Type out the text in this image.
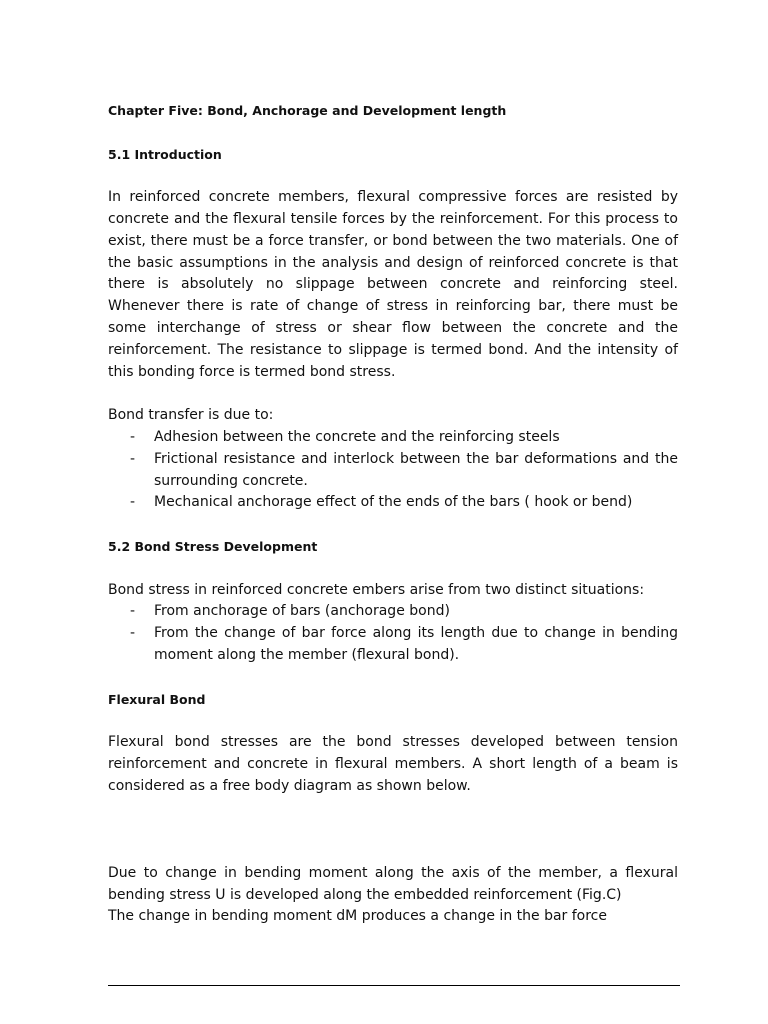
Chapter Five: Bond, Anchorage and Development length

5.1 Introduction

In reinforced concrete members, flexural compressive forces are resisted by concrete and the flexural tensile forces by the reinforcement. For this process to exist, there must be a force transfer, or bond between the two materials. One of the basic assumptions in the analysis and design of reinforced concrete is that there is absolutely no slippage between concrete and reinforcing steel. Whenever there is rate of change of stress in reinforcing bar, there must be some interchange of stress or shear flow between the concrete and the reinforcement. The resistance to slippage is termed bond. And the intensity of this bonding force is termed bond stress.

Bond transfer is due to:

- Adhesion between the concrete and the reinforcing steels
- Frictional resistance and interlock between the bar deformations and the surrounding concrete.
- Mechanical anchorage effect of the ends of the bars ( hook or bend)

5.2 Bond Stress Development

Bond stress in reinforced concrete embers arise from two distinct situations:

- From anchorage of bars (anchorage bond)
- From the change of bar force along its length due to change in bending moment along the member (flexural bond).

Flexural Bond

Flexural bond stresses are the bond stresses developed between tension reinforcement and concrete in flexural members. A short length of a beam is considered as a free body diagram as shown below.

Due to change in bending moment along the axis of the member, a flexural bending stress U is developed along the embedded reinforcement (Fig.C)

The change in bending moment dM produces a change in the bar force
